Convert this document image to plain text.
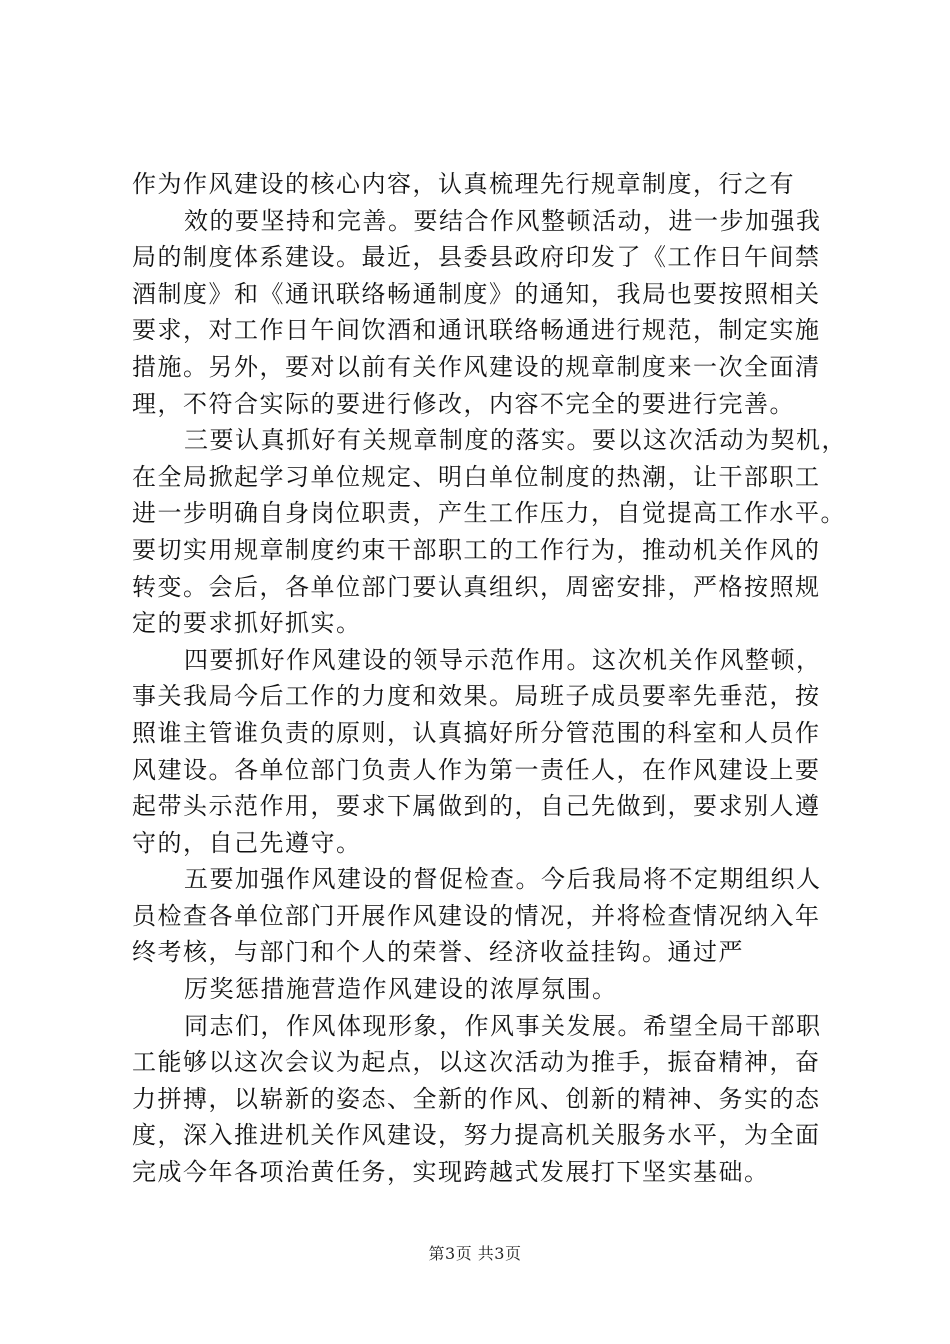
作为作风建设的核心内容，认真梳理先行规章制度，行之有
效的要坚持和完善。要结合作风整顿活动，进一步加强我
局的制度体系建设。最近，县委县政府印发了《工作日午间禁
酒制度》和《通讯联络畅通制度》的通知，我局也要按照相关
要求，对工作日午间饮酒和通讯联络畅通进行规范，制定实施
措施。另外，要对以前有关作风建设的规章制度来一次全面清
理，不符合实际的要进行修改，内容不完全的要进行完善。
三要认真抓好有关规章制度的落实。要以这次活动为契机，
在全局掀起学习单位规定、明白单位制度的热潮，让干部职工
进一步明确自身岗位职责，产生工作压力，自觉提高工作水平。
要切实用规章制度约束干部职工的工作行为，推动机关作风的
转变。会后，各单位部门要认真组织，周密安排，严格按照规
定的要求抓好抓实。
四要抓好作风建设的领导示范作用。这次机关作风整顿，
事关我局今后工作的力度和效果。局班子成员要率先垂范，按
照谁主管谁负责的原则，认真搞好所分管范围的科室和人员作
风建设。各单位部门负责人作为第一责任人，在作风建设上要
起带头示范作用，要求下属做到的，自己先做到，要求别人遵
守的，自己先遵守。
五要加强作风建设的督促检查。今后我局将不定期组织人
员检查各单位部门开展作风建设的情况，并将检查情况纳入年
终考核，与部门和个人的荣誉、经济收益挂钩。通过严
厉奖惩措施营造作风建设的浓厚氛围。
同志们，作风体现形象，作风事关发展。希望全局干部职
工能够以这次会议为起点，以这次活动为推手，振奋精神，奋
力拼搏，以崭新的姿态、全新的作风、创新的精神、务实的态
度，深入推进机关作风建设，努力提高机关服务水平，为全面
完成今年各项治黄任务，实现跨越式发展打下坚实基础。
第3页 共3页
